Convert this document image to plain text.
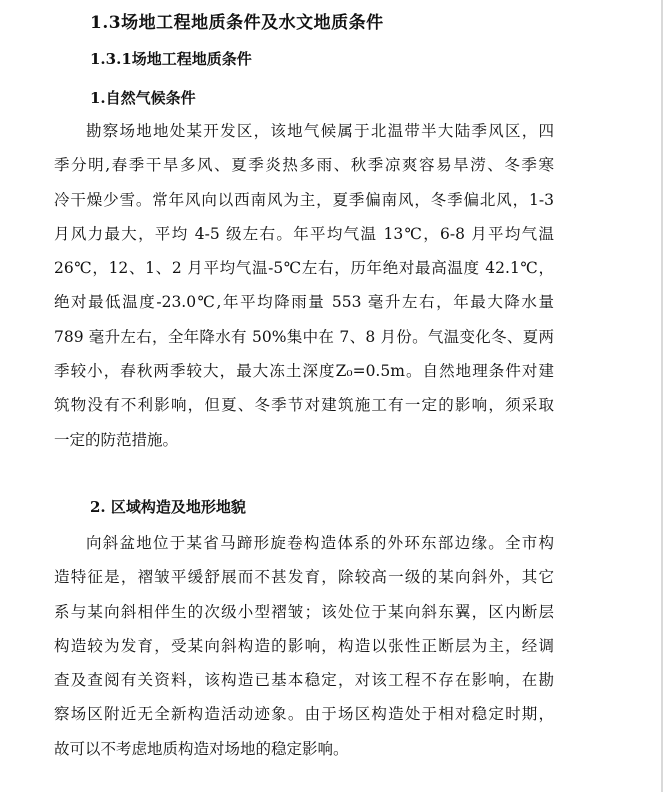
1.3场地工程地质条件及水文地质条件
1.3.1场地工程地质条件
1.自然气候条件
勘察场地地处某开发区，该地气候属于北温带半大陆季风区，四
季分明,春季干旱多风、夏季炎热多雨、秋季凉爽容易旱涝、冬季寒
冷干燥少雪。常年风向以西南风为主，夏季偏南风，冬季偏北风，1-3
月风力最大，平均 4-5 级左右。年平均气温 13℃，6-8 月平均气温
26℃，12、1、2 月平均气温-5℃左右，历年绝对最高温度 42.1℃，
绝对最低温度-23.0℃,年平均降雨量 553 毫升左右，年最大降水量
789 毫升左右，全年降水有 50%集中在 7、8 月份。气温变化冬、夏两
季较小，春秋两季较大，最大冻土深度Z₀=0.5m。自然地理条件对建
筑物没有不利影响，但夏、冬季节对建筑施工有一定的影响，须采取
一定的防范措施。
2. 区域构造及地形地貌
向斜盆地位于某省马蹄形旋卷构造体系的外环东部边缘。全市构
造特征是，褶皱平缓舒展而不甚发育，除较高一级的某向斜外，其它
系与某向斜相伴生的次级小型褶皱；该处位于某向斜东翼，区内断层
构造较为发育，受某向斜构造的影响，构造以张性正断层为主，经调
查及查阅有关资料，该构造已基本稳定，对该工程不存在影响，在勘
察场区附近无全新构造活动迹象。由于场区构造处于相对稳定时期，
故可以不考虑地质构造对场地的稳定影响。
